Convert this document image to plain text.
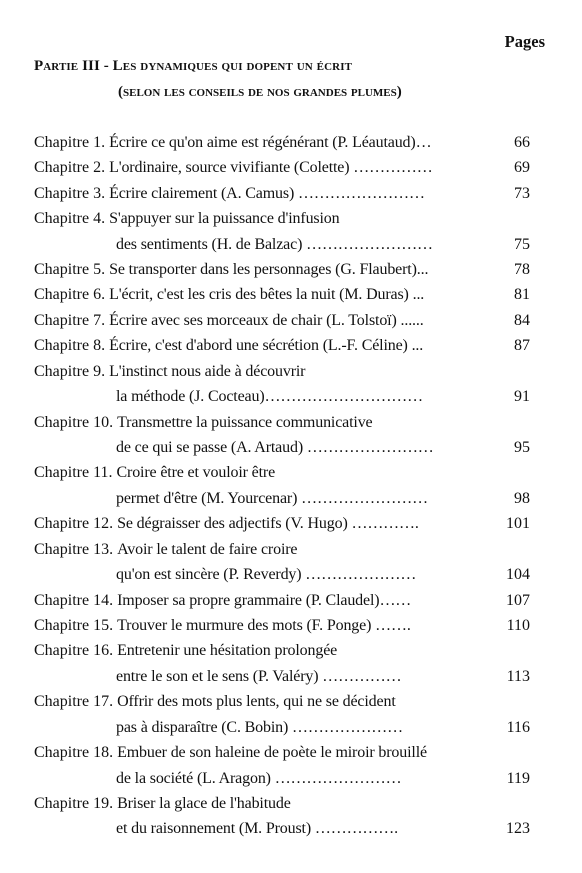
Pages
Partie III - Les dynamiques qui dopent un écrit
(selon les conseils de nos grandes plumes)
Chapitre 1. Écrire ce qu'on aime est régénérant (P. Léautaud)…	66
Chapitre 2. L'ordinaire, source vivifiante (Colette) ……………	69
Chapitre 3. Écrire clairement (A. Camus) ……………………	73
Chapitre 4. S'appuyer sur la puissance d'infusion
des sentiments (H. de Balzac) ……………………	75
Chapitre 5. Se transporter dans les personnages (G. Flaubert)...	78
Chapitre 6. L'écrit, c'est les cris des bêtes la nuit (M. Duras) ...	81
Chapitre 7. Écrire avec ses morceaux de chair (L. Tolstoï) ......	84
Chapitre 8. Écrire, c'est d'abord une sécrétion (L.-F. Céline) ...	87
Chapitre 9. L'instinct nous aide à découvrir
la méthode (J. Cocteau)…………………………	91
Chapitre 10. Transmettre la puissance communicative
de ce qui se passe (A. Artaud) ……………………	95
Chapitre 11. Croire être et vouloir être
permet d'être (M. Yourcenar) ……………………	98
Chapitre 12. Se dégraisser des adjectifs (V. Hugo) ………….	101
Chapitre 13. Avoir le talent de faire croire
qu'on est sincère (P. Reverdy) …………………	104
Chapitre 14. Imposer sa propre grammaire (P. Claudel)……	107
Chapitre 15. Trouver le murmure des mots (F. Ponge) …….	110
Chapitre 16. Entretenir une hésitation prolongée
entre le son et le sens (P. Valéry) ……………	113
Chapitre 17. Offrir des mots plus lents, qui ne se décident
pas à disparaître (C. Bobin) …………………	116
Chapitre 18. Embuer de son haleine de poète le miroir brouillé
de la société (L. Aragon) ……………………	119
Chapitre 19. Briser la glace de l'habitude
et du raisonnement (M. Proust) …………….	123
